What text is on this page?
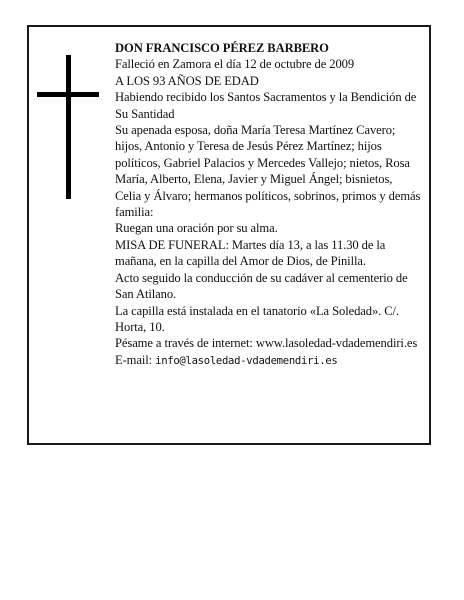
DON FRANCISCO PÉREZ BARBERO

Falleció en Zamora el día 12 de octubre de 2009

A LOS 93 AÑOS DE EDAD

Habiendo recibido los Santos Sacramentos y la Bendición de Su Santidad

Su apenada esposa, doña María Teresa Martínez Cavero; hijos, Antonio y Teresa de Jesús Pérez Martínez; hijos políticos, Gabriel Palacios y Mercedes Vallejo; nietos, Rosa María, Alberto, Elena, Javier y Miguel Ángel; bisnietos, Celia y Álvaro; hermanos políticos, sobrinos, primos y demás familia:

Ruegan una oración por su alma.

MISA DE FUNERAL: Martes día 13, a las 11.30 de la mañana, en la capilla del Amor de Dios, de Pinilla.

Acto seguido la conducción de su cadáver al cementerio de San Atilano.

La capilla está instalada en el tanatorio «La Soledad». C/. Horta, 10.

Pésame a través de internet: www.lasoledad-vdademendiri.es

E-mail: info@lasoledad-vdademendiri.es
